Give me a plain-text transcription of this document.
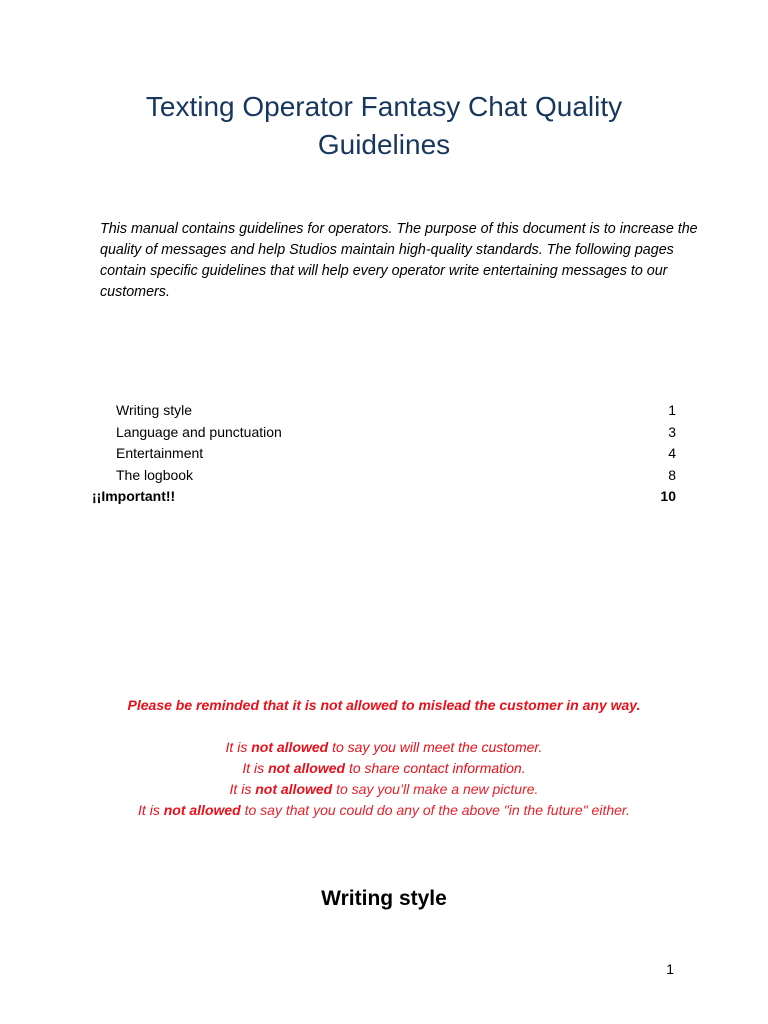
Texting Operator Fantasy Chat Quality Guidelines

This manual contains guidelines for operators. The purpose of this document is to increase the quality of messages and help Studios maintain high-quality standards. The following pages contain specific guidelines that will help every operator write entertaining messages to our customers.

Writing style	1
Language and punctuation	3
Entertainment	4
The logbook	8
¡¡Important!!	10

Please be reminded that it is not allowed to mislead the customer in any way.

It is not allowed to say you will meet the customer.
It is not allowed to share contact information.
It is not allowed to say you’ll make a new picture.
It is not allowed to say that you could do any of the above "in the future" either.
Writing style
1
